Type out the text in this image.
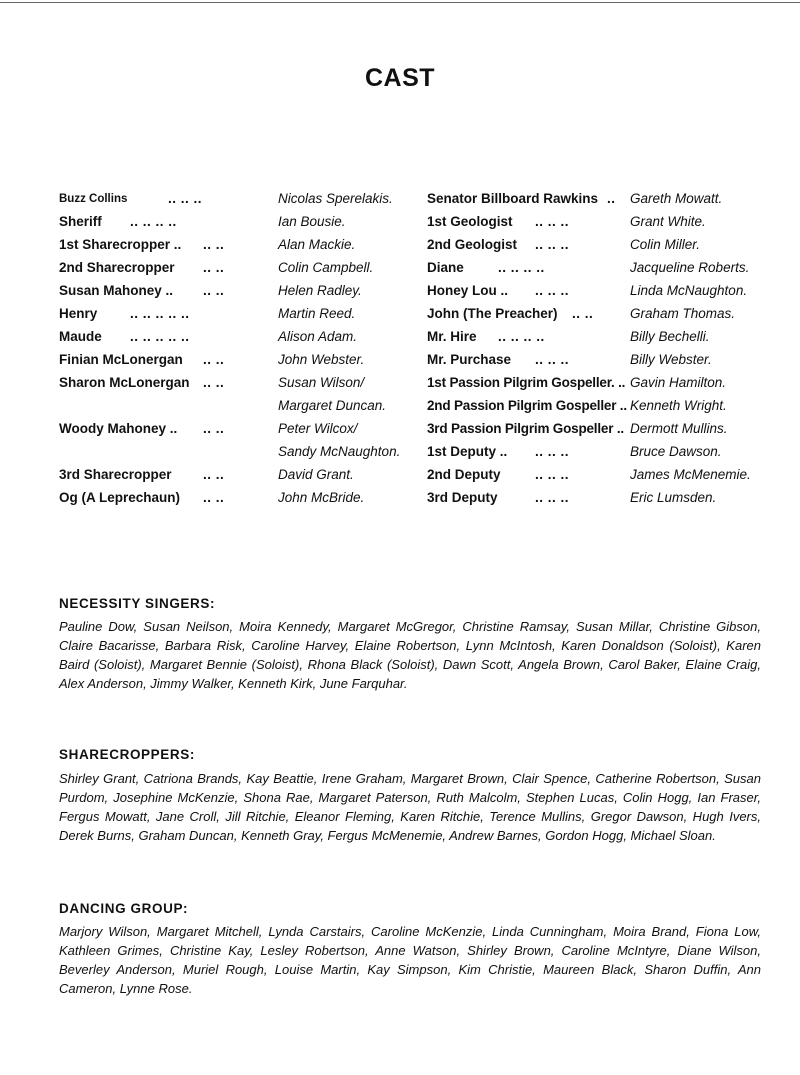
CAST
Buzz Collins	.. .. ..	Nicolas Sperelakis.
Sheriff .. .. .. ..	Ian Bousie.
1st Sharecropper .. .. ..	Alan Mackie.
2nd Sharecropper .. ..	Colin Campbell.
Susan Mahoney .. .. ..	Helen Radley.
Henry .. .. .. .. ..	Martin Reed.
Maude .. .. .. .. ..	Alison Adam.
Finian McLonergan .. ..	John Webster.
Sharon McLonergan .. ..	Susan Wilson/
Margaret Duncan.
Woody Mahoney .. .. ..	Peter Wilcox/
Sandy McNaughton.
3rd Sharecropper .. ..	David Grant.
Og (A Leprechaun) .. ..	John McBride.
Senator Billboard Rawkins .. Gareth Mowatt.
1st Geologist .. .. ..	Grant White.
2nd Geologist .. .. ..	Colin Miller.
Diane	.. .. .. ..	Jacqueline Roberts.
Honey Lou .. .. .. ..	Linda McNaughton.
John (The Preacher) .. ..	Graham Thomas.
Mr. Hire .. .. .. ..	Billy Bechelli.
Mr. Purchase .. .. ..	Billy Webster.
1st Passion Pilgrim Gospeller. .. Gavin Hamilton.
2nd Passion Pilgrim Gospeller .. Kenneth Wright.
3rd Passion Pilgrim Gospeller .. Dermott Mullins.
1st Deputy .. .. .. ..	Bruce Dawson.
2nd Deputy	.. .. ..	James McMenemie.
3rd Deputy	.. .. ..	Eric Lumsden.
NECESSITY SINGERS:
Pauline Dow, Susan Neilson, Moira Kennedy, Margaret McGregor, Christine Ramsay, Susan Millar, Christine Gibson, Claire Bacarisse, Barbara Risk, Caroline Harvey, Elaine Robertson, Lynn McIntosh, Karen Donaldson (Soloist), Karen Baird (Soloist), Margaret Bennie (Soloist), Rhona Black (Soloist), Dawn Scott, Angela Brown, Carol Baker, Elaine Craig, Alex Anderson, Jimmy Walker, Kenneth Kirk, June Farquhar.
SHARECROPPERS:
Shirley Grant, Catriona Brands, Kay Beattie, Irene Graham, Margaret Brown, Clair Spence, Catherine Robertson, Susan Purdom, Josephine McKenzie, Shona Rae, Margaret Paterson, Ruth Malcolm, Stephen Lucas, Colin Hogg, Ian Fraser, Fergus Mowatt, Jane Croll, Jill Ritchie, Eleanor Fleming, Karen Ritchie, Terence Mullins, Gregor Dawson, Hugh Ivers, Derek Burns, Graham Duncan, Kenneth Gray, Fergus McMenemie, Andrew Barnes, Gordon Hogg, Michael Sloan.
DANCING GROUP:
Marjory Wilson, Margaret Mitchell, Lynda Carstairs, Caroline McKenzie, Linda Cunningham, Moira Brand, Fiona Low, Kathleen Grimes, Christine Kay, Lesley Robertson, Anne Watson, Shirley Brown, Caroline McIntyre, Diane Wilson, Beverley Anderson, Muriel Rough, Louise Martin, Kay Simpson, Kim Christie, Maureen Black, Sharon Duffin, Ann Cameron, Lynne Rose.
